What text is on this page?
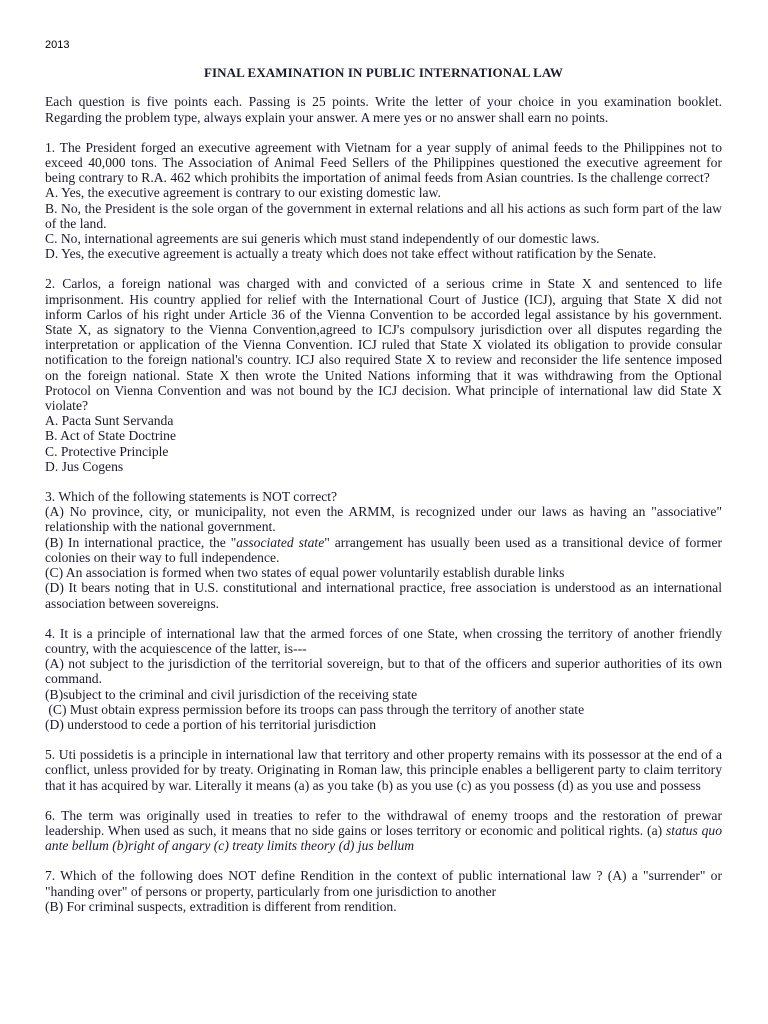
2013
FINAL EXAMINATION IN PUBLIC INTERNATIONAL LAW

Each question is five points each. Passing is 25 points. Write the letter of your choice in you examination booklet. Regarding the problem type, always explain your answer. A mere yes or no answer shall earn no points.

1. The President forged an executive agreement with Vietnam for a year supply of animal feeds to the Philippines not to exceed 40,000 tons. The Association of Animal Feed Sellers of the Philippines questioned the executive agreement for being contrary to R.A. 462 which prohibits the importation of animal feeds from Asian countries. Is the challenge correct?

A. Yes, the executive agreement is contrary to our existing domestic law.

B. No, the President is the sole organ of the government in external relations and all his actions as such form part of the law of the land.

C. No, international agreements are sui generis which must stand independently of our domestic laws.

D. Yes, the executive agreement is actually a treaty which does not take effect without ratification by the Senate.

2. Carlos, a foreign national was charged with and convicted of a serious crime in State X and sentenced to life imprisonment. His country applied for relief with the International Court of Justice (ICJ), arguing that State X did not inform Carlos of his right under Article 36 of the Vienna Convention to be accorded legal assistance by his government. State X, as signatory to the Vienna Convention,agreed to ICJ's compulsory jurisdiction over all disputes regarding the interpretation or application of the Vienna Convention. ICJ ruled that State X violated its obligation to provide consular notification to the foreign national's country. ICJ also required State X to review and reconsider the life sentence imposed on the foreign national. State X then wrote the United Nations informing that it was withdrawing from the Optional Protocol on Vienna Convention and was not bound by the ICJ decision. What principle of international law did State X violate?

A. Pacta Sunt Servanda

B. Act of State Doctrine

C. Protective Principle

D. Jus Cogens

3. Which of the following statements is NOT correct?

(A) No province, city, or municipality, not even the ARMM, is recognized under our laws as having an "associative" relationship with the national government.

(B) In international practice, the "associated state" arrangement has usually been used as a transitional device of former colonies on their way to full independence.

(C) An association is formed when two states of equal power voluntarily establish durable links

(D) It bears noting that in U.S. constitutional and international practice, free association is understood as an international association between sovereigns.

4. It is a principle of international law that the armed forces of one State, when crossing the territory of another friendly country, with the acquiescence of the latter, is---

(A) not subject to the jurisdiction of the territorial sovereign, but to that of the officers and superior authorities of its own command.

(B)subject to the criminal and civil jurisdiction of the receiving state

(C) Must obtain express permission before its troops can pass through the territory of another state

(D) understood to cede a portion of his territorial jurisdiction

5. Uti possidetis is a principle in international law that territory and other property remains with its possessor at the end of a conflict, unless provided for by treaty. Originating in Roman law, this principle enables a belligerent party to claim territory that it has acquired by war. Literally it means (a) as you take (b) as you use (c) as you possess (d) as you use and possess

6. The term was originally used in treaties to refer to the withdrawal of enemy troops and the restoration of prewar leadership. When used as such, it means that no side gains or loses territory or economic and political rights. (a) status quo ante bellum (b)right of angary (c) treaty limits theory (d) jus bellum

7. Which of the following does NOT define Rendition in the context of public international law ? (A) a "surrender" or "handing over" of persons or property, particularly from one jurisdiction to another

(B) For criminal suspects, extradition is different from rendition.
